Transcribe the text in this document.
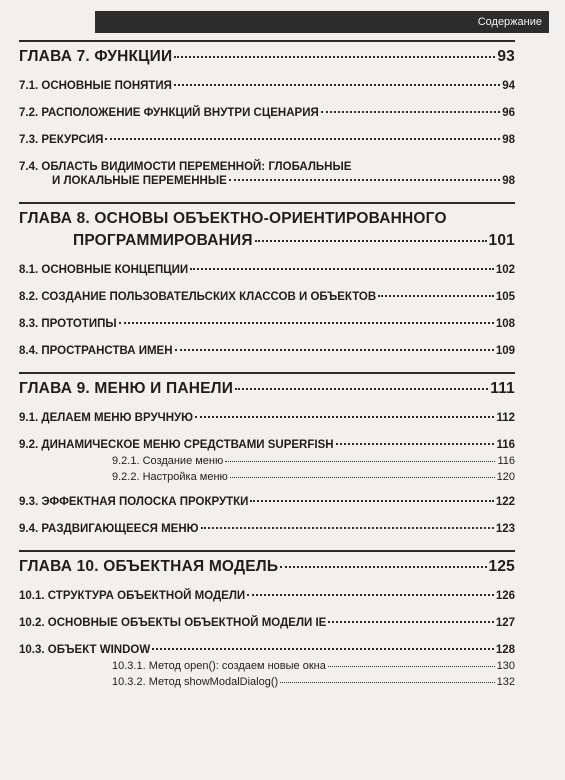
Содержание
ГЛАВА 7. ФУНКЦИИ	93
7.1. ОСНОВНЫЕ ПОНЯТИЯ	94
7.2. РАСПОЛОЖЕНИЕ ФУНКЦИЙ ВНУТРИ СЦЕНАРИЯ	96
7.3. РЕКУРСИЯ	98
7.4. ОБЛАСТЬ ВИДИМОСТИ ПЕРЕМЕННОЙ: ГЛОБАЛЬНЫЕ
И ЛОКАЛЬНЫЕ ПЕРЕМЕННЫЕ	98
ГЛАВА 8. ОСНОВЫ ОБЪЕКТНО-ОРИЕНТИРОВАННОГО
ПРОГРАММИРОВАНИЯ	101
8.1. ОСНОВНЫЕ КОНЦЕПЦИИ	102
8.2. СОЗДАНИЕ ПОЛЬЗОВАТЕЛЬСКИХ КЛАССОВ И ОБЪЕКТОВ	105
8.3. ПРОТОТИПЫ	108
8.4. ПРОСТРАНСТВА ИМЕН	109
ГЛАВА 9. МЕНЮ И ПАНЕЛИ	111
9.1. ДЕЛАЕМ МЕНЮ ВРУЧНУЮ	112
9.2. ДИНАМИЧЕСКОЕ МЕНЮ СРЕДСТВАМИ SUPERFISH	116
9.2.1. Создание меню	116
9.2.2. Настройка меню	120
9.3. ЭФФЕКТНАЯ ПОЛОСКА ПРОКРУТКИ	122
9.4. РАЗДВИГАЮЩЕЕСЯ МЕНЮ	123
ГЛАВА 10. ОБЪЕКТНАЯ МОДЕЛЬ	125
10.1. СТРУКТУРА ОБЪЕКТНОЙ МОДЕЛИ	126
10.2. ОСНОВНЫЕ ОБЪЕКТЫ ОБЪЕКТНОЙ МОДЕЛИ IE	127
10.3. ОБЪЕКТ WINDOW	128
10.3.1. Метод open(): создаем новые окна	130
10.3.2. Метод showModalDialog()	132
